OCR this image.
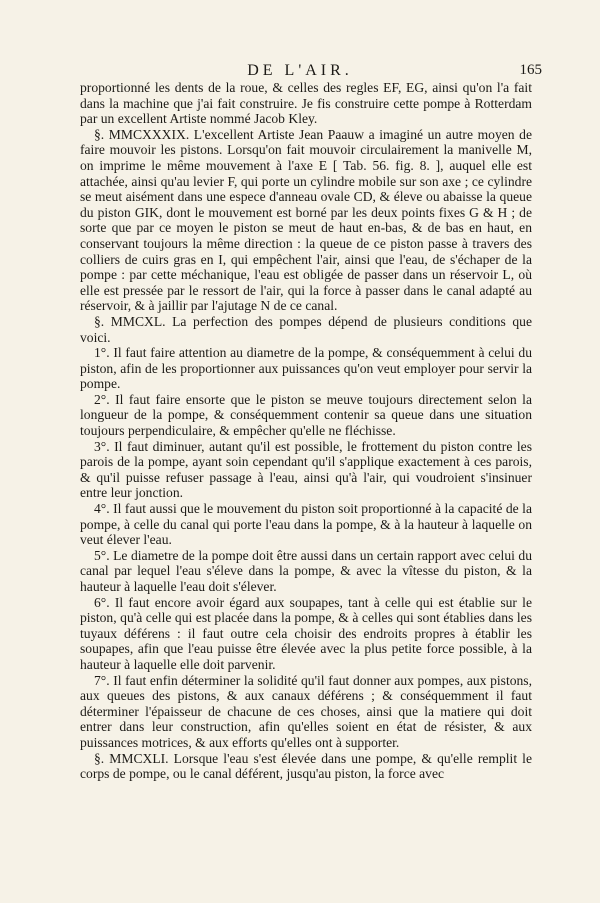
DE L'AIR.	165

proportionné les dents de la roue, & celles des regles EF, EG, ainsi qu'on l'a fait dans la machine que j'ai fait construire. Je fis construire cette pompe à Rotterdam par un excellent Artiste nommé Jacob Kley.

§. MMCXXXIX. L'excellent Artiste Jean Paauw a imaginé un autre moyen de faire mouvoir les pistons. Lorsqu'on fait mouvoir circulairement la manivelle M, on imprime le même mouvement à l'axe E [ Tab. 56. fig. 8. ], auquel elle est attachée, ainsi qu'au levier F, qui porte un cylindre mobile sur son axe ; ce cylindre se meut aisément dans une espece d'anneau ovale CD, & éleve ou abaisse la queue du piston GIK, dont le mouvement est borné par les deux points fixes G & H ; de sorte que par ce moyen le piston se meut de haut en-bas, & de bas en haut, en conservant toujours la même direction : la queue de ce piston passe à travers des colliers de cuirs gras en I, qui empêchent l'air, ainsi que l'eau, de s'échaper de la pompe : par cette méchanique, l'eau est obligée de passer dans un réservoir L, où elle est pressée par le ressort de l'air, qui la force à passer dans le canal adapté au réservoir, & à jaillir par l'ajutage N de ce canal.

§. MMCXL. La perfection des pompes dépend de plusieurs conditions que voici.

1°. Il faut faire attention au diametre de la pompe, & conséquemment à celui du piston, afin de les proportionner aux puissances qu'on veut employer pour servir la pompe.

2°. Il faut faire ensorte que le piston se meuve toujours directement selon la longueur de la pompe, & conséquemment contenir sa queue dans une situation toujours perpendiculaire, & empêcher qu'elle ne fléchisse.

3°. Il faut diminuer, autant qu'il est possible, le frottement du piston contre les parois de la pompe, ayant soin cependant qu'il s'applique exactement à ces parois, & qu'il puisse refuser passage à l'eau, ainsi qu'à l'air, qui voudroient s'insinuer entre leur jonction.

4°. Il faut aussi que le mouvement du piston soit proportionné à la capacité de la pompe, à celle du canal qui porte l'eau dans la pompe, & à la hauteur à laquelle on veut élever l'eau.

5°. Le diametre de la pompe doit être aussi dans un certain rapport avec celui du canal par lequel l'eau s'éleve dans la pompe, & avec la vîtesse du piston, & la hauteur à laquelle l'eau doit s'élever.

6°. Il faut encore avoir égard aux soupapes, tant à celle qui est établie sur le piston, qu'à celle qui est placée dans la pompe, & à celles qui sont établies dans les tuyaux déférens : il faut outre cela choisir des endroits propres à établir les soupapes, afin que l'eau puisse être élevée avec la plus petite force possible, à la hauteur à laquelle elle doit parvenir.

7°. Il faut enfin déterminer la solidité qu'il faut donner aux pompes, aux pistons, aux queues des pistons, & aux canaux déférens ; & conséquemment il faut déterminer l'épaisseur de chacune de ces choses, ainsi que la matiere qui doit entrer dans leur construction, afin qu'elles soient en état de résister, & aux puissances motrices, & aux efforts qu'elles ont à supporter.

§. MMCXLI. Lorsque l'eau s'est élevée dans une pompe, & qu'elle remplit le corps de pompe, ou le canal déférent, jusqu'au piston, la force avec
